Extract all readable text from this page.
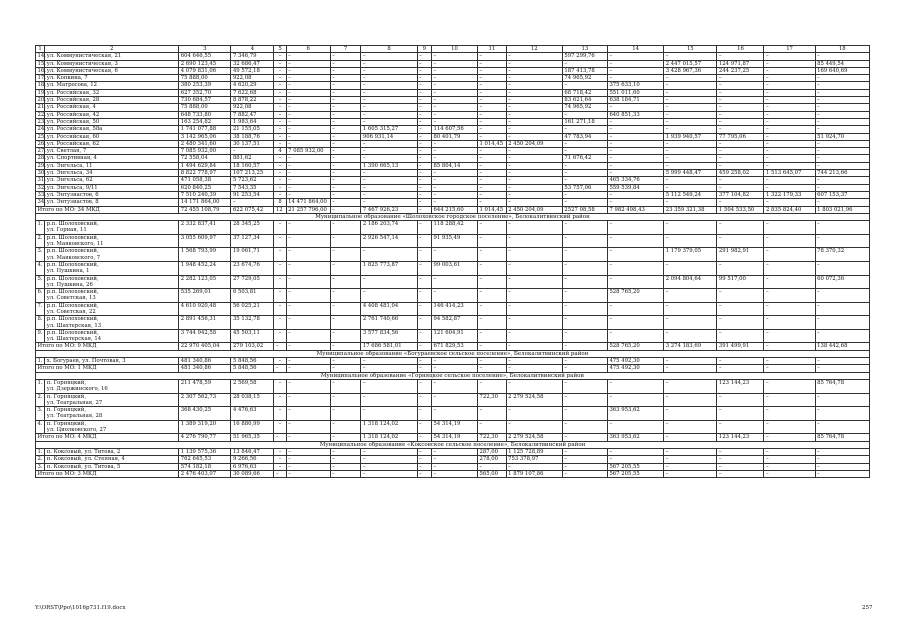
1	2	3	4	5	6	7	8	9	10	11	12	13	14	15	16	17	18
14.	ул. Коммунистическая, 21	604 646,55	7 346,79	–	–	–	–	–	–	–	–	597 299,76	–	–	–	–	–
15.	ул. Коммунистическая, 3	2 690 123,45	32 686,47	–	–	–	–	–	–	–	–	–	–	2 447 015,57	124 971,87	–	85 449,54
16.	ул. Коммунистическая, 6	4 079 831,06	49 572,18	–	–	–	–	–	–	–	–	187 413,78	–	3 428 967,36	244 237,25	–	169 640,69
17.	ул. Копкина, 7	75 888,00	922,08	–	–	–	–	–	–	–	–	74 965,92	–	–	–	–	–
18.	ул. Матросова, 12	380 253,39	4 620,29	–	–	–	–	–	–	–	–	–	375 633,10	–	–	–	–
19.	ул. Российская, 32	627 352,70	7 622,68	–	–	–	–	–	–	–	–	68 718,42	551 011,60	–	–	–	–
20.	ул. Российская, 28	730 684,57	8 878,22	–	–	–	–	–	–	–	–	83 621,64	638 184,71	–	–	–	–
21.	ул. Российская, 4	75 888,00	922,08	–	–	–	–	–	–	–	–	74 965,92	–	–	–	–	–
22.	ул. Российская, 42	648 733,80	7 882,47	–	–	–	–	–	–	–	–	–	640 851,33	–	–	–	–
23.	ул. Российская, 50	163 254,82	1 983,64	–	–	–	–	–	–	–	–	161 271,18	–	–	–	–	–
24.	ул. Российская, 58а	1 741 077,88	21 155,05	–	–	–	1 605 315,27	–	114 607,56	–	–	–	–	–	–	–	–
25.	ул. Российская, 60	3 142 965,06	38 188,76	–	–	–	906 931,14	–	80 401,79	–	–	47 783,94	–	1 939 940,57	77 795,06	–	51 924,70
26.	ул. Российская, 62	2 480 341,60	30 137,51	–	–	–	–	–	–	1 014,45	2 450 204,09	–	–	–	–	–	–
27.	ул. Светлая, 7	7 085 932,00	–	4	7 085 932,00	–	–	–	–	–	–	–	–	–	–	–	–
28.	ул. Спортивная, 4	72 558,04	881,62	–	–	–	–	–	–	–	–	71 676,42	–	–	–	–	–
29.	ул. Энгельса, 11	1 494 629,84	18 160,57	–	–	–	1 390 665,13	–	85 804,14	–	–	–	–	–	–	–	–
30.	ул. Энгельса, 34	8 822 778,97	107 213,25	–	–	–	–	–	–	–	–	–	–	5 999 448,47	459 258,02	1 513 645,07	744 213,66
31.	ул. Энгельса, 62	471 058,38	5 723,62	–	–	–	–	–	–	–	–	–	465 334,76	–	–	–	–
32.	ул. Энгельса, 9/11	620 840,25	7 543,35	–	–	–	–	–	–	–	–	53 757,06	559 539,84	–	–	–	–
33.	ул. Энтузиастов, 6	7 510 240,39	91 253,54	–	–	–	–	–	–	–	–	–	–	5 112 549,24	377 104,82	1 322 179,33	607 153,37
34.	ул. Энтузиастов, 8	14 171 864,00	–	8	14 471 864,00	–	–	–	–	–	–	–	–	–	–	–	–
Итого по МО: 34 МКД		72 455 108,79	622 075,42	12	21 257 796,00	–	7 467 926,23	–	644 215,60	1 014,45	2 450 204,09	2527 08,58	7 982 498,43	23 359 321,38	1 504 533,50	2 835 824,40	1 803 021,96
Муниципальное образование «Шолоховское городское поселение», Белокалитвинский район																	
1.	р.п. Шолоховский,
ул. Горная, 11	2 332 837,41	28 345,25	–	–	–	2 186 203,74	–	118 288,42	–	–	–	–	–	–	–	–
2.	р.п. Шолоховский,
ул. Маяковского, 11	3 055 609,97	37 127,34	–	–	–	2 926 547,14	–	91 935,49	–	–	–	–	–	–	–	–
3.	р.п. Шолоховский,
ул. Маяковского, 7	1 568 793,99	19 061,71	–	–	–	–	–	–	–	–	–	–	1 179 379,05	291 982,91	–	78 370,32
4.	р.п. Шолоховский,
ул. Пушкина, 1	1 948 452,24	23 674,76	–	–	–	1 825 773,87	–	99 003,61	–	–	–	–	–	–	–	–
5.	р.п. Шолоховский,
ул. Пушкина, 26	2 282 123,05	27 729,05	–	–	–	–	–	–	–	–	–	–	2 094 804,64	99 517,00	–	60 072,36
6.	р.п. Шолоховский,
ул. Советская, 13	535 269,01	6 503,81	–	–	–	–	–	–	–	–	–	528 765,20	–	–	–	–
7.	р.п. Шолоховский,
ул. Советская, 22	4 610 920,48	56 025,21	–	–	–	4 408 481,04	–	146 414,23	–	–	–	–	–	–	–	–
8.	р.п. Шолоховский,
ул. Шахтерская, 13	2 891 456,31	35 132,78	–	–	–	2 761 740,66	–	94 582,87	–	–	–	–	–	–	–	–
9.	р.п. Шолоховский,
ул. Шахтерская, 14	3 744 942,58	45 503,11	–	–	–	3 577 834,56	–	121 604,91	–	–	–	–	–	–	–	–
Итого по МО: 9 МКД		22 970 405,04	279 103,02	–	–	–	17 686 581,01	–	671 829,53	–	–	–	528 765,20	3 274 183,69	391 499,91	–	138 442,68
Муниципальное образование «Богураевское сельское поселение», Белокалитвинский район																	
1.	х. Богураев, ул. Почтовая, 3	481 340,86	5 848,56	–	–	–	–	–	–	–	–	–	475 492,30	–	–	–	–
Итого по МО: 1 МКД		481 340,86	5 848,56	–	–	–	–	–	–	–	–	–	475 492,30	–	–	–	–
Муниципальное образование «Горняцкое сельское поселение», Белокалитвинский район																	
1.	п. Горняцкий,
ул. Дзержинского, 16	211 478,59	2 569,58	–	–	–	–	–	–	–	–	–	–	–	123 144,23	–	85 764,78
2.	п. Горняцкий,
ул. Театральная, 27	2 307 562,73	28 038,15	–	–	–	–	–	–	722,30	2 279 524,58	–	–	–	–	–	–
3.	п. Горняцкий,
ул. Театральная, 28	368 430,25	4 476,63	–	–	–	–	–	–	–	–	–	363 953,62	–	–	–	–
4.	п. Горняцкий,
ул. Циолковского, 27	1 389 319,20	16 880,99	–	–	–	1 318 124,02	–	54 314,19	–	–	–	–	–	–	–	–
Итого по МО: 4 МКД		4 276 790,77	51 965,35	–	–	–	1 318 124,02	–	54 314,19	722,30	2 279 524,58	–	363 953,62	–	123 144,23	–	85 764,78
Муниципальное образование «Коксовское сельское поселение», Белокалитвинский район																	
1.	п. Коксовый, ул. Титова, 2	1 139 575,36	13 846,47	–	–	–	–	–	–	287,00	1 125 728,89	–	–	–	–	–	–
2.	п. Коксовый, ул. Степная, 4	762 645,53	9 266,56	–	–	–	–	–	–	278,00	753 378,97	–	–	–	–	–	–
3.	п. Коксовый, ул. Титова, 5	574 182,18	6 976,63	–	–	–	–	–	–	–	–	–	567 205,55	–	–	–	–
Итого по МО: 3 МКД		2 476 403,07	30 089,66	–	–	–	–	–	–	565,00	1 879 107,86	–	567 205,55	–	–	–	–
Y:\ORST\Ppo\1016p731.f19.docx	257
